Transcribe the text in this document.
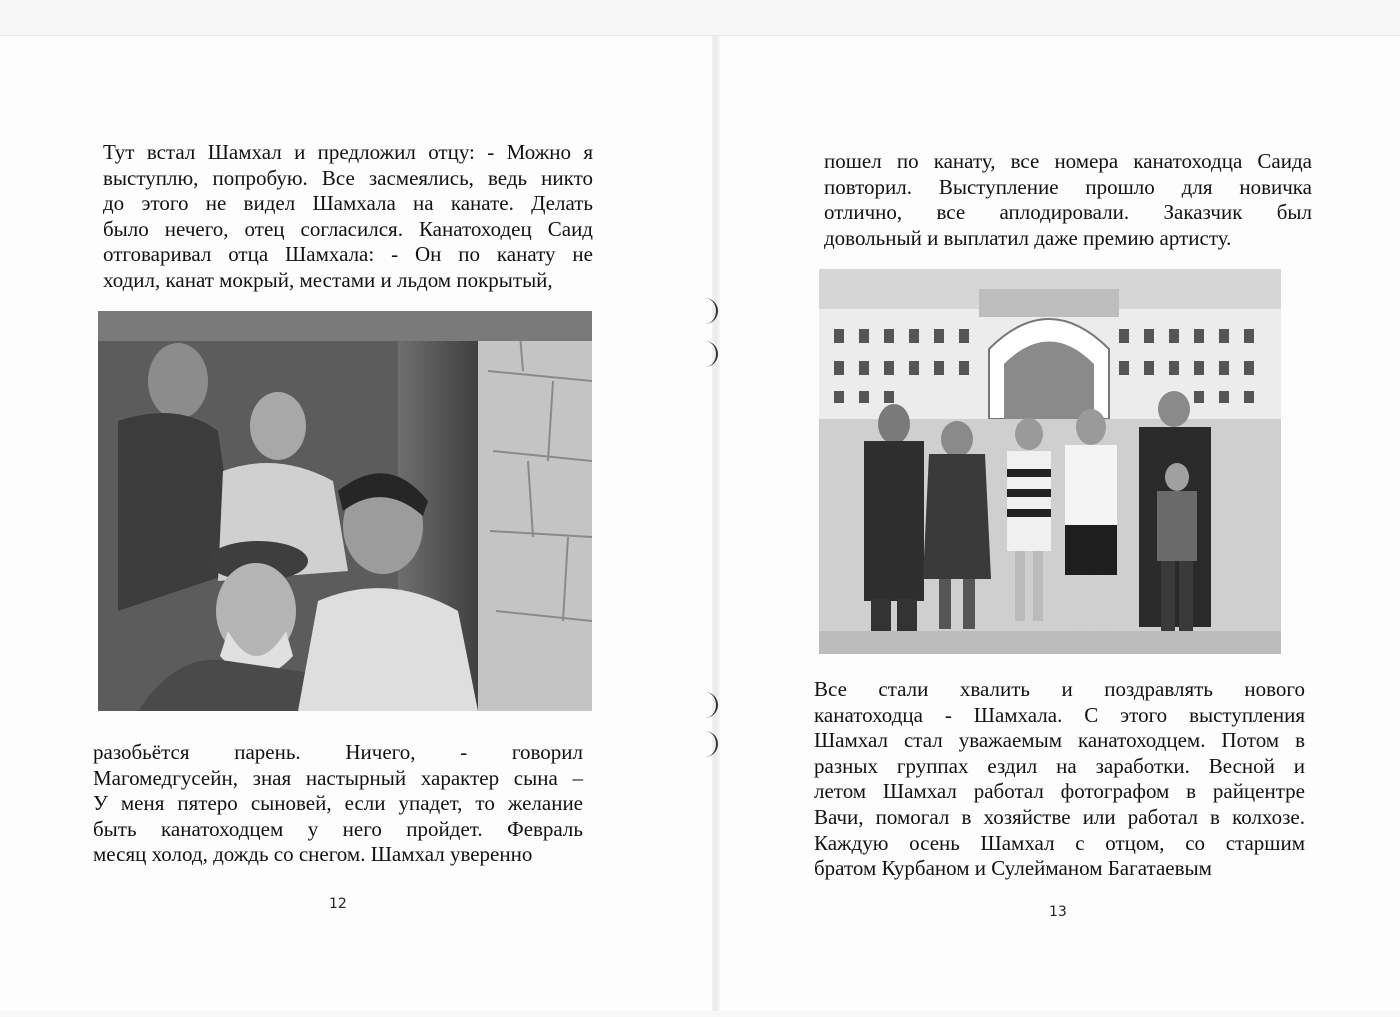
Тут встал Шамхал и предложил отцу: - Можно я
выступлю, попробую. Все засмеялись, ведь никто
до этого не видел Шамхала на канате. Делать
было нечего, отец согласился. Канатоходец Саид
отговаривал отца Шамхала: - Он по канату не
ходил, канат мокрый, местами и льдом покрытый,
разобьётся парень. Ничего, - говорил
Магомедгусейн, зная настырный характер сына –
У меня пятеро сыновей, если упадет, то желание
быть канатоходцем у него пройдет. Февраль
месяц холод, дождь со снегом. Шамхал уверенно
12
пошел по канату, все номера канатоходца Саида
повторил. Выступление прошло для новичка
отлично, все аплодировали. Заказчик был
довольный и выплатил даже премию артисту.
Все стали хвалить и поздравлять нового
канатоходца - Шамхала. С этого выступления
Шамхал стал уважаемым канатоходцем. Потом в
разных группах ездил на заработки. Весной и
летом Шамхал работал фотографом в райцентре
Вачи, помогал в хозяйстве или работал в колхозе.
Каждую осень Шамхал с отцом, со старшим
братом Курбаном и Сулейманом Багатаевым
13
